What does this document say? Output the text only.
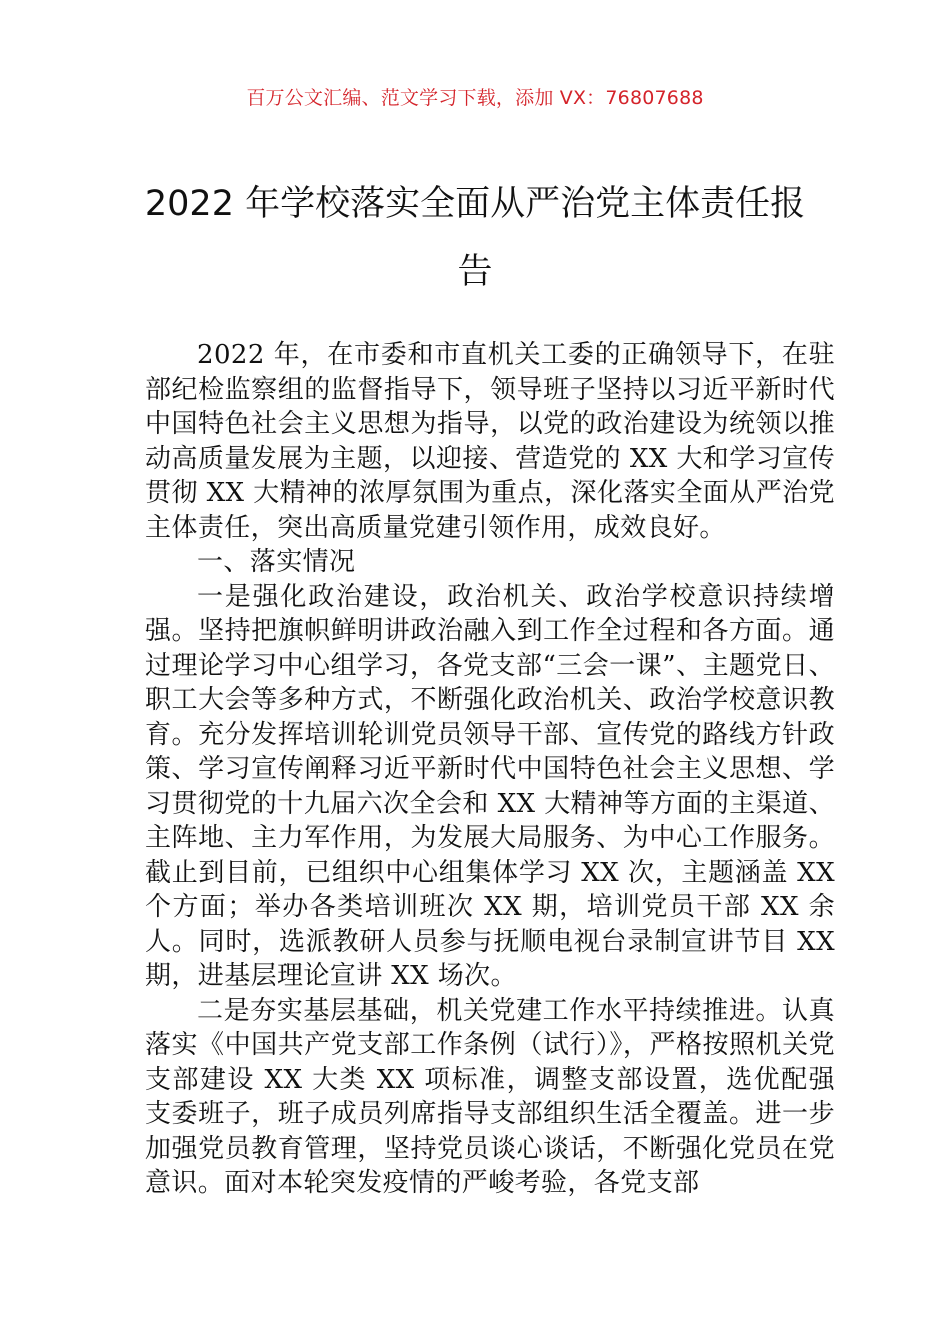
百万公文汇编、范文学习下载，添加 VX：76807688
2022 年学校落实全面从严治党主体责任报告

2022 年，在市委和市直机关工委的正确领导下，在驻部纪检监察组的监督指导下，领导班子坚持以习近平新时代中国特色社会主义思想为指导，以党的政治建设为统领以推动高质量发展为主题，以迎接、营造党的 XX 大和学习宣传贯彻 XX 大精神的浓厚氛围为重点，深化落实全面从严治党主体责任，突出高质量党建引领作用，成效良好。

一、落实情况

一是强化政治建设，政治机关、政治学校意识持续增强。坚持把旗帜鲜明讲政治融入到工作全过程和各方面。通过理论学习中心组学习，各党支部“三会一课”、主题党日、职工大会等多种方式，不断强化政治机关、政治学校意识教育。充分发挥培训轮训党员领导干部、宣传党的路线方针政策、学习宣传阐释习近平新时代中国特色社会主义思想、学习贯彻党的十九届六次全会和 XX 大精神等方面的主渠道、主阵地、主力军作用，为发展大局服务、为中心工作服务。截止到目前，已组织中心组集体学习 XX 次，主题涵盖 XX 个方面；举办各类培训班次 XX 期，培训党员干部 XX 余人。同时，选派教研人员参与抚顺电视台录制宣讲节目 XX 期，进基层理论宣讲 XX 场次。

二是夯实基层基础，机关党建工作水平持续推进。认真落实《中国共产党支部工作条例（试行）》，严格按照机关党支部建设 XX 大类 XX 项标准，调整支部设置，选优配强支委班子，班子成员列席指导支部组织生活全覆盖。进一步加强党员教育管理，坚持党员谈心谈话，不断强化党员在党意识。面对本轮突发疫情的严峻考验，各党支部
